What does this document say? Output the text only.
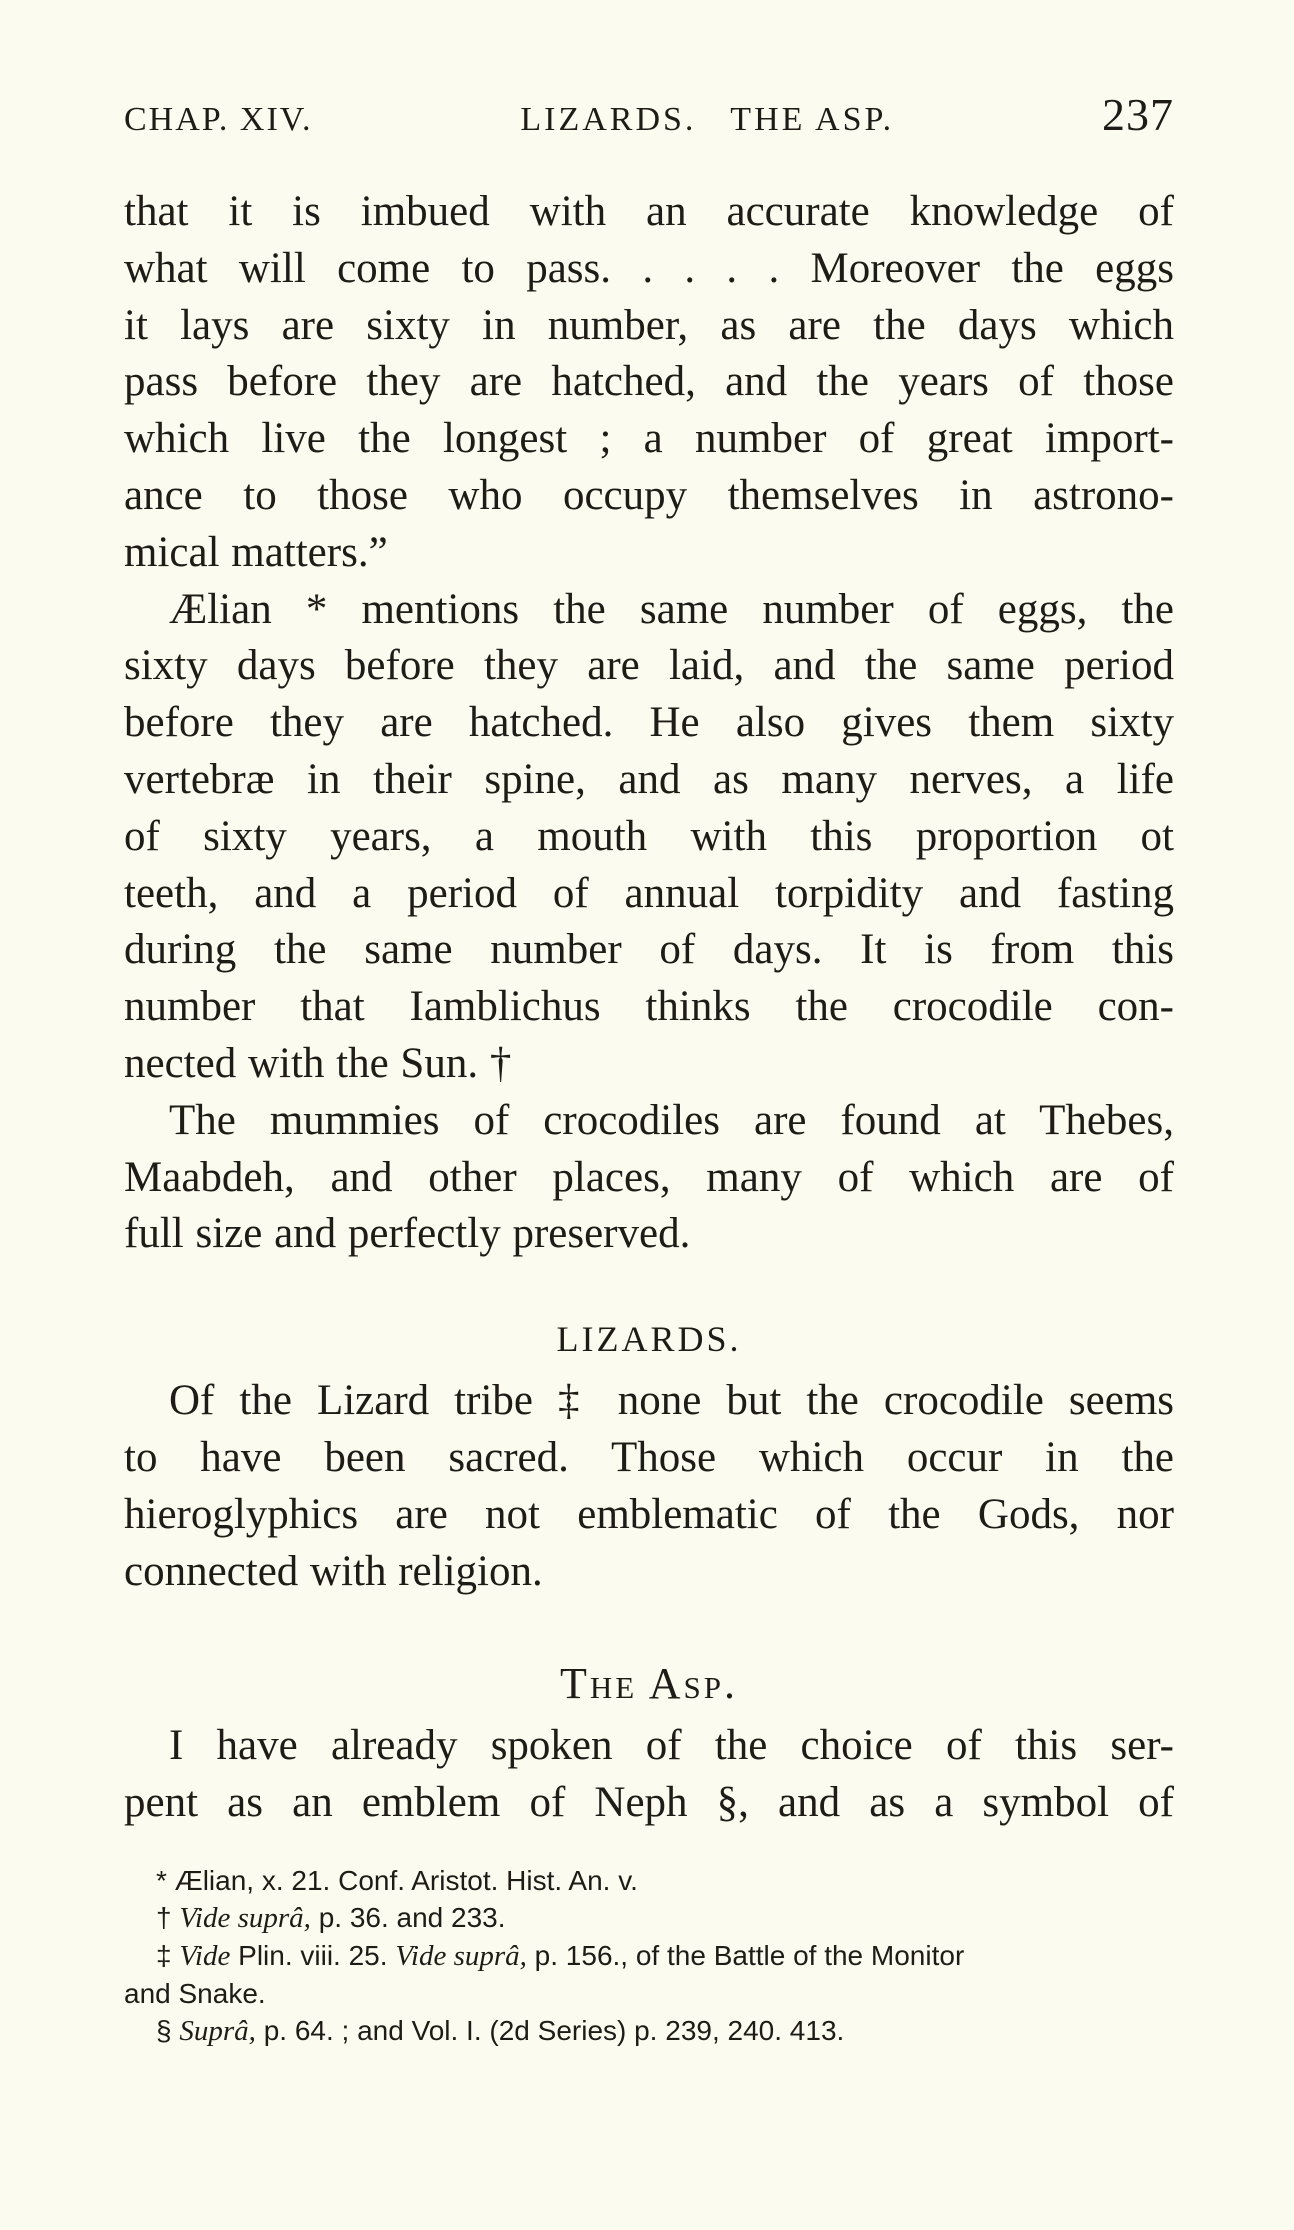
CHAP. XIV.	LIZARDS.   THE ASP.	237
that it is imbued with an accurate knowledge of
what will come to pass. . . . . Moreover the eggs
it lays are sixty in number, as are the days which
pass before they are hatched, and the years of those
which live the longest ; a number of great import-
ance to those who occupy themselves in astrono-
mical matters.”
Ælian * mentions the same number of eggs, the
sixty days before they are laid, and the same period
before they are hatched. He also gives them sixty
vertebræ in their spine, and as many nerves, a life
of sixty years, a mouth with this proportion ot
teeth, and a period of annual torpidity and fasting
during the same number of days. It is from this
number that Iamblichus thinks the crocodile con-
nected with the Sun. †
The mummies of crocodiles are found at Thebes,
Maabdeh, and other places, many of which are of
full size and perfectly preserved.
LIZARDS.
Of the Lizard tribe ‡ none but the crocodile seems
to have been sacred. Those which occur in the
hieroglyphics are not emblematic of the Gods, nor
connected with religion.
The Asp.
I have already spoken of the choice of this ser-
pent as an emblem of Neph §, and as a symbol of
* Ælian, x. 21. Conf. Aristot. Hist. An. v.
† Vide suprâ, p. 36. and 233.
‡ Vide Plin. viii. 25. Vide suprâ, p. 156., of the Battle of the Monitor
and Snake.
§ Suprâ, p. 64. ; and Vol. I. (2d Series) p. 239, 240. 413.
